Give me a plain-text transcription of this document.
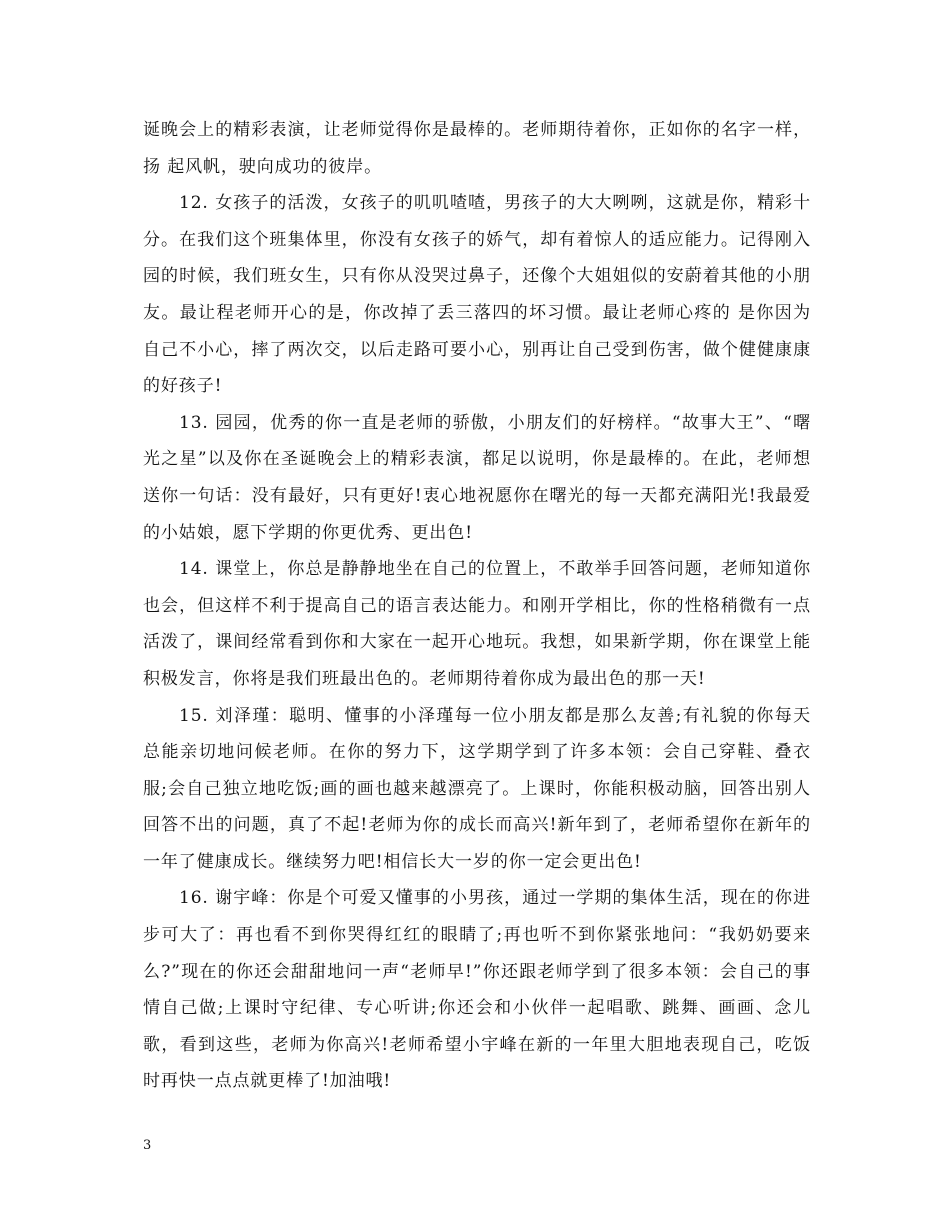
诞晚会上的精彩表演，让老师觉得你是最棒的。老师期待着你，正如你的名字一样，扬 起风帆，驶向成功的彼岸。

12. 女孩子的活泼，女孩子的叽叽喳喳，男孩子的大大咧咧，这就是你，精彩十分。在我们这个班集体里，你没有女孩子的娇气，却有着惊人的适应能力。记得刚入园的时候，我们班女生，只有你从没哭过鼻子，还像个大姐姐似的安蔚着其他的小朋友。最让程老师开心的是，你改掉了丢三落四的坏习惯。最让老师心疼的 是你因为自己不小心，摔了两次交，以后走路可要小心，别再让自己受到伤害，做个健健康康的好孩子!

13. 园园，优秀的你一直是老师的骄傲，小朋友们的好榜样。“故事大王”、“曙光之星”以及你在圣诞晚会上的精彩表演，都足以说明，你是最棒的。在此，老师想送你一句话：没有最好，只有更好!衷心地祝愿你在曙光的每一天都充满阳光!我最爱的小姑娘，愿下学期的你更优秀、更出色!

14. 课堂上，你总是静静地坐在自己的位置上，不敢举手回答问题，老师知道你也会，但这样不利于提高自己的语言表达能力。和刚开学相比，你的性格稍微有一点活泼了，课间经常看到你和大家在一起开心地玩。我想，如果新学期，你在课堂上能积极发言，你将是我们班最出色的。老师期待着你成为最出色的那一天!

15. 刘泽瑾：聪明、懂事的小泽瑾每一位小朋友都是那么友善;有礼貌的你每天总能亲切地问候老师。在你的努力下，这学期学到了许多本领：会自己穿鞋、叠衣服;会自己独立地吃饭;画的画也越来越漂亮了。上课时，你能积极动脑，回答出别人回答不出的问题，真了不起!老师为你的成长而高兴!新年到了，老师希望你在新年的一年了健康成长。继续努力吧!相信长大一岁的你一定会更出色!

16. 谢宇峰：你是个可爱又懂事的小男孩，通过一学期的集体生活，现在的你进步可大了：再也看不到你哭得红红的眼睛了;再也听不到你紧张地问：“我奶奶要来么?”现在的你还会甜甜地问一声“老师早!”你还跟老师学到了很多本领：会自己的事情自己做;上课时守纪律、专心听讲;你还会和小伙伴一起唱歌、跳舞、画画、念儿歌，看到这些，老师为你高兴!老师希望小宇峰在新的一年里大胆地表现自己，吃饭时再快一点点就更棒了!加油哦!

3
